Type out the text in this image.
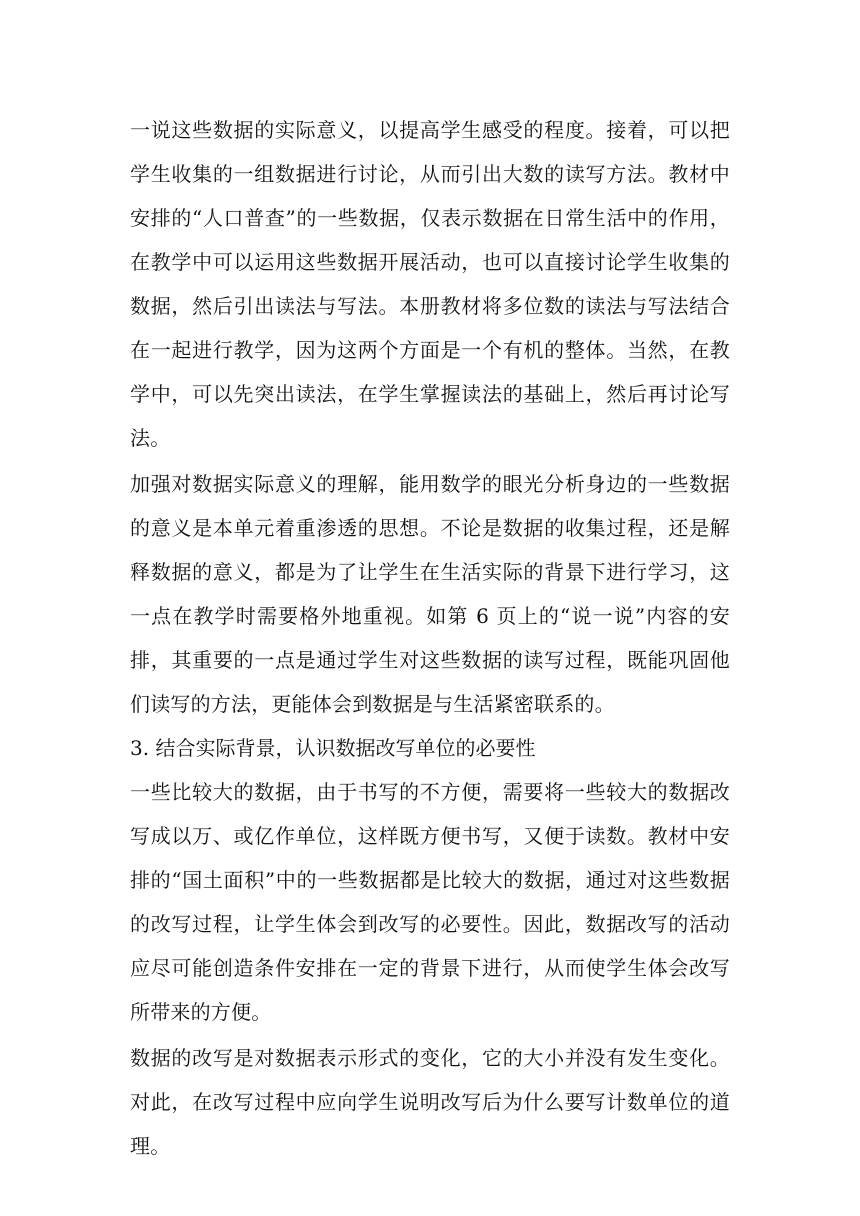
一说这些数据的实际意义，以提高学生感受的程度。接着，可以把学生收集的一组数据进行讨论，从而引出大数的读写方法。教材中安排的“人口普查”的一些数据，仅表示数据在日常生活中的作用，在教学中可以运用这些数据开展活动，也可以直接讨论学生收集的数据，然后引出读法与写法。本册教材将多位数的读法与写法结合在一起进行教学，因为这两个方面是一个有机的整体。当然，在教学中，可以先突出读法，在学生掌握读法的基础上，然后再讨论写法。

加强对数据实际意义的理解，能用数学的眼光分析身边的一些数据的意义是本单元着重渗透的思想。不论是数据的收集过程，还是解释数据的意义，都是为了让学生在生活实际的背景下进行学习，这一点在教学时需要格外地重视。如第 6 页上的“说一说”内容的安排，其重要的一点是通过学生对这些数据的读写过程，既能巩固他们读写的方法，更能体会到数据是与生活紧密联系的。

3. 结合实际背景，认识数据改写单位的必要性

一些比较大的数据，由于书写的不方便，需要将一些较大的数据改写成以万、或亿作单位，这样既方便书写，又便于读数。教材中安排的“国土面积”中的一些数据都是比较大的数据，通过对这些数据的改写过程，让学生体会到改写的必要性。因此，数据改写的活动应尽可能创造条件安排在一定的背景下进行，从而使学生体会改写所带来的方便。

数据的改写是对数据表示形式的变化，它的大小并没有发生变化。对此，在改写过程中应向学生说明改写后为什么要写计数单位的道理。
